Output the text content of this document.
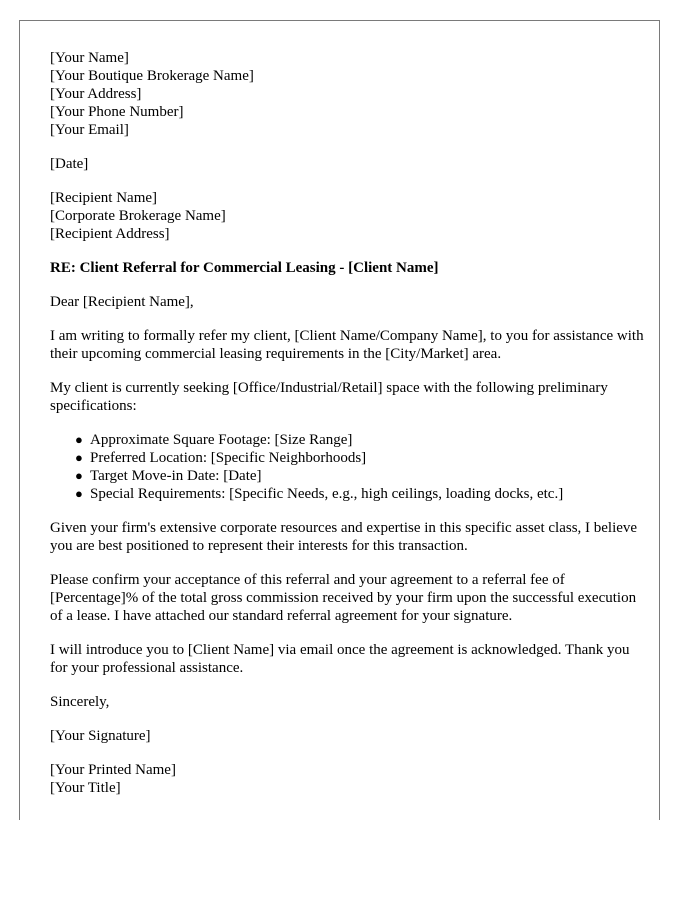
[Your Name]
[Your Boutique Brokerage Name]
[Your Address]
[Your Phone Number]
[Your Email]
[Date]
[Recipient Name]
[Corporate Brokerage Name]
[Recipient Address]
RE: Client Referral for Commercial Leasing - [Client Name]

Dear [Recipient Name],

I am writing to formally refer my client, [Client Name/Company Name], to you for assistance with their upcoming commercial leasing requirements in the [City/Market] area.

My client is currently seeking [Office/Industrial/Retail] space with the following preliminary specifications:

● Approximate Square Footage: [Size Range]
● Preferred Location: [Specific Neighborhoods]
● Target Move-in Date: [Date]
● Special Requirements: [Specific Needs, e.g., high ceilings, loading docks, etc.]

Given your firm's extensive corporate resources and expertise in this specific asset class, I believe you are best positioned to represent their interests for this transaction.

Please confirm your acceptance of this referral and your agreement to a referral fee of [Percentage]% of the total gross commission received by your firm upon the successful execution of a lease. I have attached our standard referral agreement for your signature.

I will introduce you to [Client Name] via email once the agreement is acknowledged. Thank you for your professional assistance.

Sincerely,

[Your Signature]

[Your Printed Name]
[Your Title]
